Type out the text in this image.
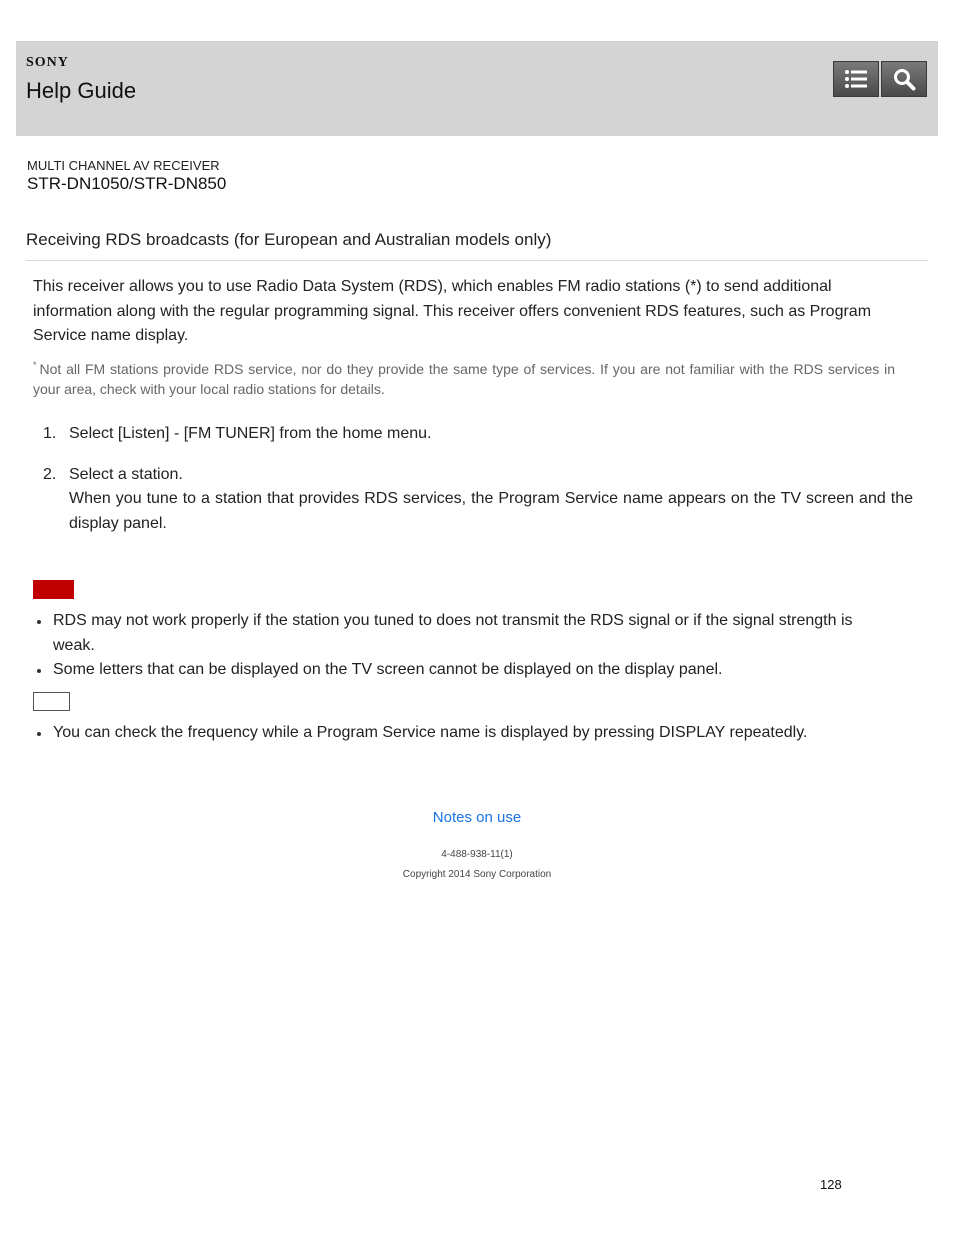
SONY
Help Guide
MULTI CHANNEL AV RECEIVER
STR-DN1050/STR-DN850
Receiving RDS broadcasts (for European and Australian models only)

This receiver allows you to use Radio Data System (RDS), which enables FM radio stations (*) to send additional information along with the regular programming signal. This receiver offers convenient RDS features, such as Program Service name display.

* Not all FM stations provide RDS service, nor do they provide the same type of services. If you are not familiar with the RDS services in your area, check with your local radio stations for details.

1. Select [Listen] - [FM TUNER] from the home menu.
2. Select a station.
When you tune to a station that provides RDS services, the Program Service name appears on the TV screen and the display panel.
RDS may not work properly if the station you tuned to does not transmit the RDS signal or if the signal strength is weak.
Some letters that can be displayed on the TV screen cannot be displayed on the display panel.
You can check the frequency while a Program Service name is displayed by pressing DISPLAY repeatedly.
Notes on use
4-488-938-11(1)
Copyright 2014 Sony Corporation
128
